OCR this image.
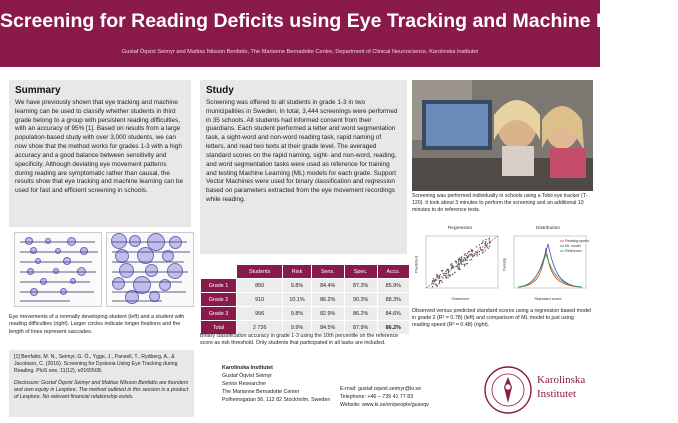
Screening for Reading Deficits using Eye Tracking and Machine Learning
Gustaf Öqvist Seimyr and Mattias Nilsson Benfatto, The Marianne Bernadotte Centre, Department of Clinical Neuroscience, Karolinska Institutet
Summary
We have previously shown that eye tracking and machine learning can be used to classify whether students in third grade belong to a group with persistent reading difficulties, with an accuracy of 95% [1]. Based on results from a large population-based study with over 3,000 students, we can now show that the method works for grades 1-3 with a high accuracy and a good balance between sensitivity and specificity. Although deviating eye movement patterns during reading are symptomatic rather than causal, the results show that eye tracking and machine learning can be used for fast and efficient screening in schools.
Eye movements of a normally developing student (left) and a student with reading difficulties (right). Larger circles indicate longer fixations and the length of lines represent saccades.
Study
Screening was offered to all students in grade 1-3 in two municipalities in Sweden. In total, 3,444 screenings were performed in 35 schools. All students had informed consent from their guardians. Each student performed a letter and word segmentation task, a sight-word and non-word reading task, rapid naming of letters, and read two texts at their grade level. The averaged standard scores on the rapid naming, sight- and non-word, reading, and word segmentation tasks were used as reference for training and testing Machine Learning (ML) models for each grade. Support Vector Machines were used for binary classification and regression based on parameters extracted from the eye movement recordings while reading.
Screening was performed individually in schools using a Tobii eye tracker (T-120). It took about 3 minutes to perform the screening and an additional 10 minutes to do reference tests.
	Students	Risk	Sens.	Spec.	Accu.
Grade 1	860	9.8%	84.4%	87.3%	85.9%
Grade 2	910	10.1%	86.2%	90.3%	88.3%
Grade 3	956	9.8%	82.9%	86.2%	84.6%
Total	2 726	9.9%	84.5%	87.9%	86.2%
Binary classification accuracy in grade 1-3 using the 10th percentile on the reference score as risk threshold. Only students that participated in all tasks are included.
Regression	Distribution
Observed
Predicted
Reading speed
ML model
Reference
Standard score
Density
Observed versus predicted standard scores using a regression based model in grade 2 (R² = 0.78) (left) and comparison of ML model to just using reading speed (R² = 0.48) (right).
[1] Benfatto, M. N., Seimyr, G. Ö., Ygge, J., Pansell, T., Rydberg, A., & Jacobson, C. (2016). Screening for Dyslexia Using Eye Tracking during Reading. PloS one, 11(12), e0165508.
Disclosure: Gustaf Öqvist Seimyr and Mattias Nilsson Benfatto are founders and own equity in Lexplore. The method outlined in this session is a product of Lexplore. No relevant financial relationship exists.
Karolinska Institutet
Gustaf Öqvist Seimyr
Senior Researcher
The Marianne Bernadotte Center
Polhemsgatan 56, 112 82 Stockholm, Sweden
E-mail: gustaf.oqvist.seimyr@ki.se
Telephone: +46 – 739 41 77 83
Website: www.ki.se/en/people/gusoqv
Karolinska
Institutet
